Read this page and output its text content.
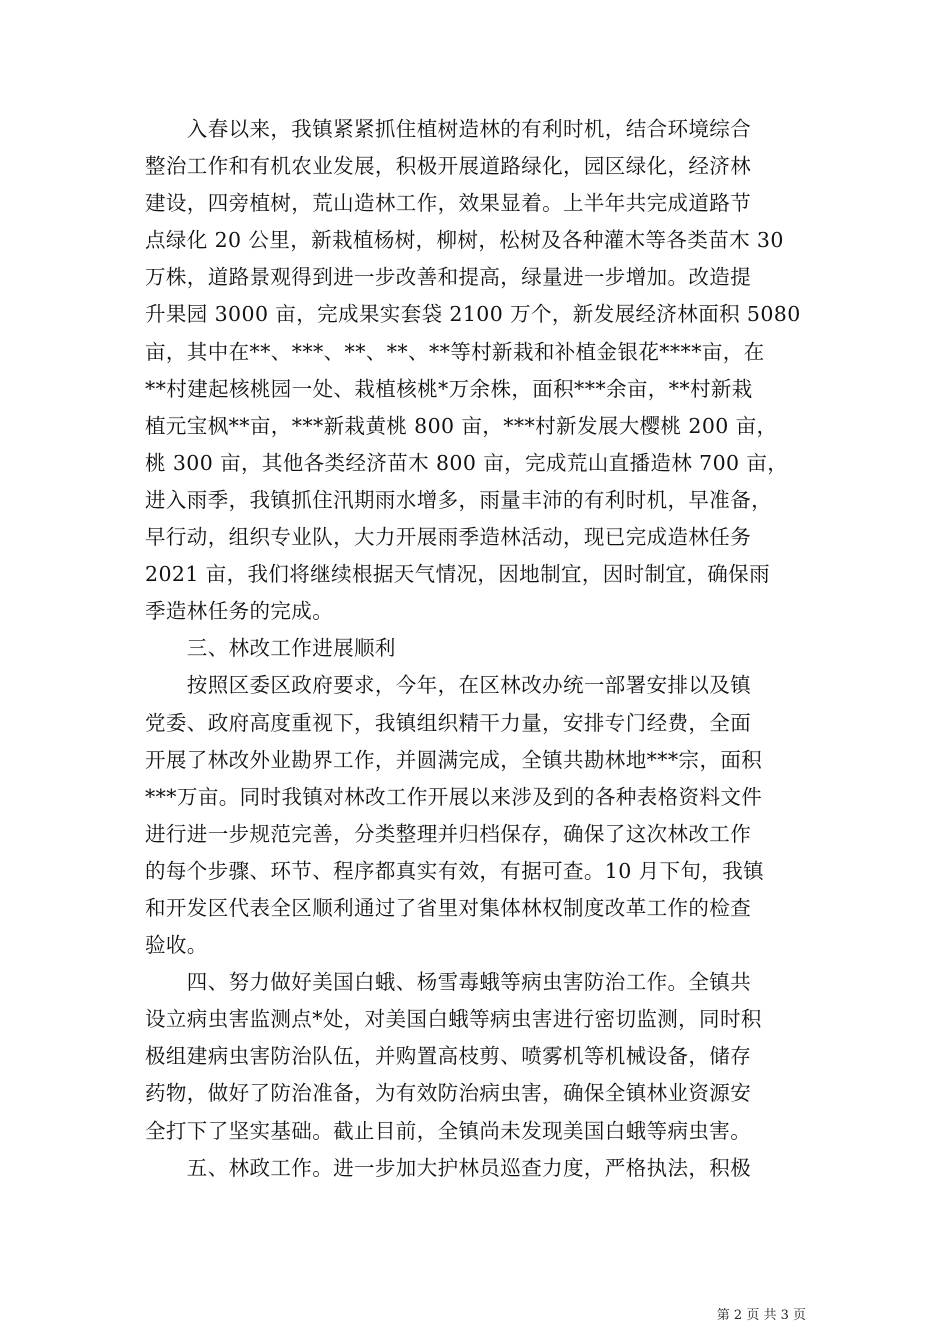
　　入春以来，我镇紧紧抓住植树造林的有利时机，结合环境综合
整治工作和有机农业发展，积极开展道路绿化，园区绿化，经济林
建设，四旁植树，荒山造林工作，效果显着。上半年共完成道路节
点绿化 20 公里，新栽植杨树，柳树，松树及各种灌木等各类苗木 30
万株，道路景观得到进一步改善和提高，绿量进一步增加。改造提
升果园 3000 亩，完成果实套袋 2100 万个，新发展经济林面积 5080
亩，其中在**、***、**、**、**等村新栽和补植金银花****亩，在
**村建起核桃园一处、栽植核桃*万余株，面积***余亩，**村新栽
植元宝枫**亩，***新栽黄桃 800 亩，***村新发展大樱桃 200 亩，
桃 300 亩，其他各类经济苗木 800 亩，完成荒山直播造林 700 亩，
进入雨季，我镇抓住汛期雨水增多，雨量丰沛的有利时机，早准备，
早行动，组织专业队，大力开展雨季造林活动，现已完成造林任务
2021 亩，我们将继续根据天气情况，因地制宜，因时制宜，确保雨
季造林任务的完成。
　　三、林改工作进展顺利
　　按照区委区政府要求，今年，在区林改办统一部署安排以及镇
党委、政府高度重视下，我镇组织精干力量，安排专门经费，全面
开展了林改外业勘界工作，并圆满完成，全镇共勘林地***宗，面积
***万亩。同时我镇对林改工作开展以来涉及到的各种表格资料文件
进行进一步规范完善，分类整理并归档保存，确保了这次林改工作
的每个步骤、环节、程序都真实有效，有据可查。10 月下旬，我镇
和开发区代表全区顺利通过了省里对集体林权制度改革工作的检查
验收。
　　四、努力做好美国白蛾、杨雪毒蛾等病虫害防治工作。全镇共
设立病虫害监测点*处，对美国白蛾等病虫害进行密切监测，同时积
极组建病虫害防治队伍，并购置高枝剪、喷雾机等机械设备，储存
药物，做好了防治准备，为有效防治病虫害，确保全镇林业资源安
全打下了坚实基础。截止目前，全镇尚未发现美国白蛾等病虫害。
　　五、林政工作。进一步加大护林员巡查力度，严格执法，积极
第 2 页 共 3 页
